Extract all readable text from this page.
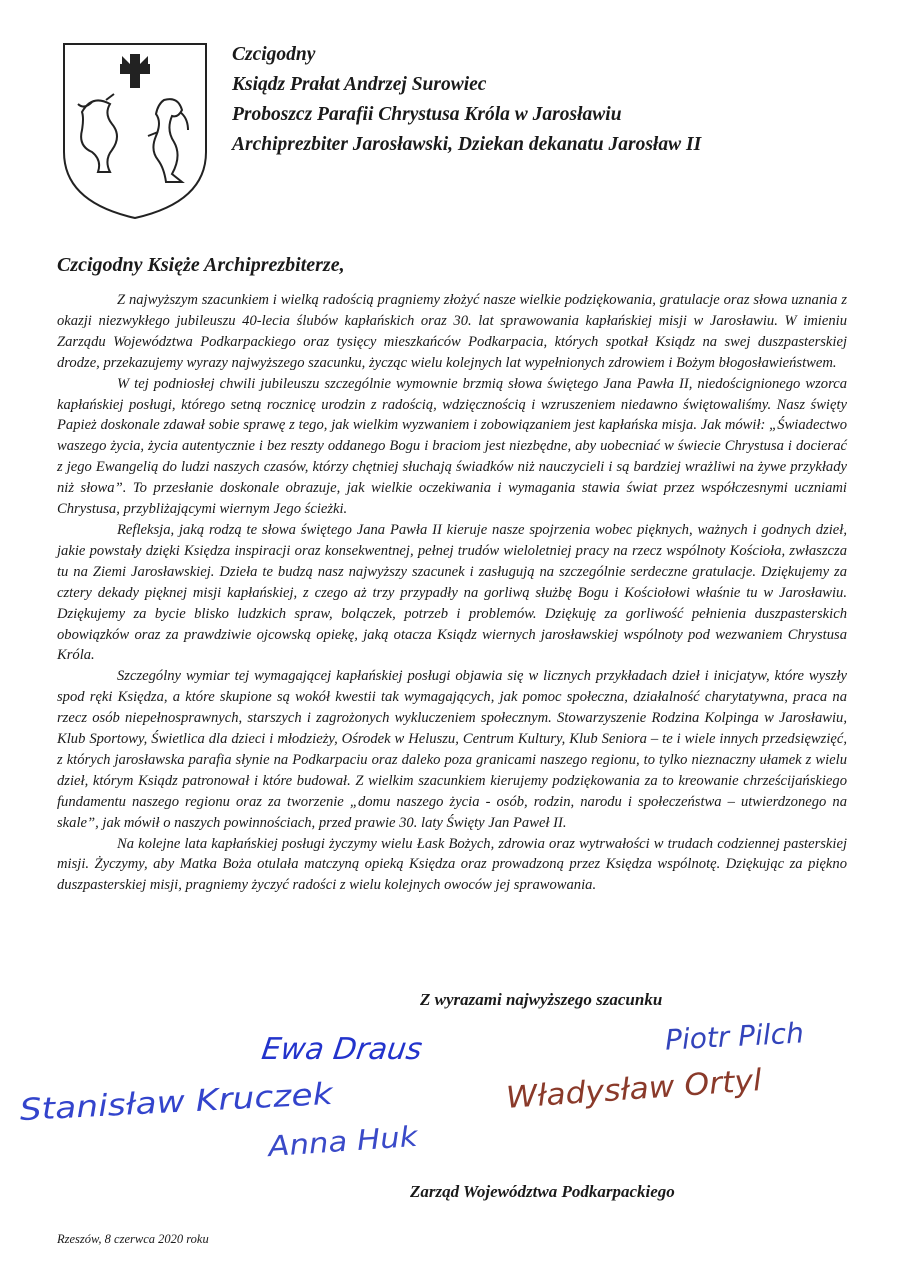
Czcigodny
Ksiądz Prałat Andrzej Surowiec
Proboszcz Parafii Chrystusa Króla w Jarosławiu
Archiprezbiter Jarosławski, Dziekan dekanatu Jarosław II
Czcigodny Księże Archiprezbiterze,

Z najwyższym szacunkiem i wielką radością pragniemy złożyć nasze wielkie podziękowania, gratulacje oraz słowa uznania z okazji niezwykłego jubileuszu 40-lecia ślubów kapłańskich oraz 30. lat sprawowania kapłańskiej misji w Jarosławiu. W imieniu Zarządu Województwa Podkarpackiego oraz tysięcy mieszkańców Podkarpacia, których spotkał Ksiądz na swej duszpasterskiej drodze, przekazujemy wyrazy najwyższego szacunku, życząc wielu kolejnych lat wypełnionych zdrowiem i Bożym błogosławieństwem.

W tej podniosłej chwili jubileuszu szczególnie wymownie brzmią słowa świętego Jana Pawła II, niedoścignionego wzorca kapłańskiej posługi, którego setną rocznicę urodzin z radością, wdzięcznością i wzruszeniem niedawno świętowaliśmy. Nasz święty Papież doskonale zdawał sobie sprawę z tego, jak wielkim wyzwaniem i zobowiązaniem jest kapłańska misja. Jak mówił: „Świadectwo waszego życia, życia autentycznie i bez reszty oddanego Bogu i braciom jest niezbędne, aby uobecniać w świecie Chrystusa i docierać z jego Ewangelią do ludzi naszych czasów, którzy chętniej słuchają świadków niż nauczycieli i są bardziej wrażliwi na żywe przykłady niż słowa”. To przesłanie doskonale obrazuje, jak wielkie oczekiwania i wymagania stawia świat przez współczesnymi uczniami Chrystusa, przybliżającymi wiernym Jego ścieżki.

Refleksja, jaką rodzą te słowa świętego Jana Pawła II kieruje nasze spojrzenia wobec pięknych, ważnych i godnych dzieł, jakie powstały dzięki Księdza inspiracji oraz konsekwentnej, pełnej trudów wieloletniej pracy na rzecz wspólnoty Kościoła, zwłaszcza tu na Ziemi Jarosławskiej. Dzieła te budzą nasz najwyższy szacunek i zasługują na szczególnie serdeczne gratulacje. Dziękujemy za cztery dekady pięknej misji kapłańskiej, z czego aż trzy przypadły na gorliwą służbę Bogu i Kościołowi właśnie tu w Jarosławiu. Dziękujemy za bycie blisko ludzkich spraw, bolączek, potrzeb i problemów. Dziękuję za gorliwość pełnienia duszpasterskich obowiązków oraz za prawdziwie ojcowską opiekę, jaką otacza Ksiądz wiernych jarosławskiej wspólnoty pod wezwaniem Chrystusa Króla.

Szczególny wymiar tej wymagającej kapłańskiej posługi objawia się w licznych przykładach dzieł i inicjatyw, które wyszły spod ręki Księdza, a które skupione są wokół kwestii tak wymagających, jak pomoc społeczna, działalność charytatywna, praca na rzecz osób niepełnosprawnych, starszych i zagrożonych wykluczeniem społecznym. Stowarzyszenie Rodzina Kolpinga w Jarosławiu, Klub Sportowy, Świetlica dla dzieci i młodzieży, Ośrodek w Heluszu, Centrum Kultury, Klub Seniora – te i wiele innych przedsięwzięć, z których jarosławska parafia słynie na Podkarpaciu oraz daleko poza granicami naszego regionu, to tylko nieznaczny ułamek z wielu dzieł, którym Ksiądz patronował i które budował. Z wielkim szacunkiem kierujemy podziękowania za to kreowanie chrześcijańskiego fundamentu naszego regionu oraz za tworzenie „domu naszego życia - osób, rodzin, narodu i społeczeństwa – utwierdzonego na skale”, jak mówił o naszych powinnościach, przed prawie 30. laty Święty Jan Paweł II.

Na kolejne lata kapłańskiej posługi życzymy wielu Łask Bożych, zdrowia oraz wytrwałości w trudach codziennej pasterskiej misji. Życzymy, aby Matka Boża otulała matczyną opieką Księdza oraz prowadzoną przez Księdza wspólnotę. Dziękując za piękno duszpasterskiej misji, pragniemy życzyć radości z wielu kolejnych owoców jej sprawowania.

Z wyrazami najwyższego szacunku
Ewa Draus
Stanisław Kruczek
Anna Huk
Władysław Ortyl
Piotr Pilch
Zarząd Województwa Podkarpackiego
Rzeszów, 8 czerwca 2020 roku
